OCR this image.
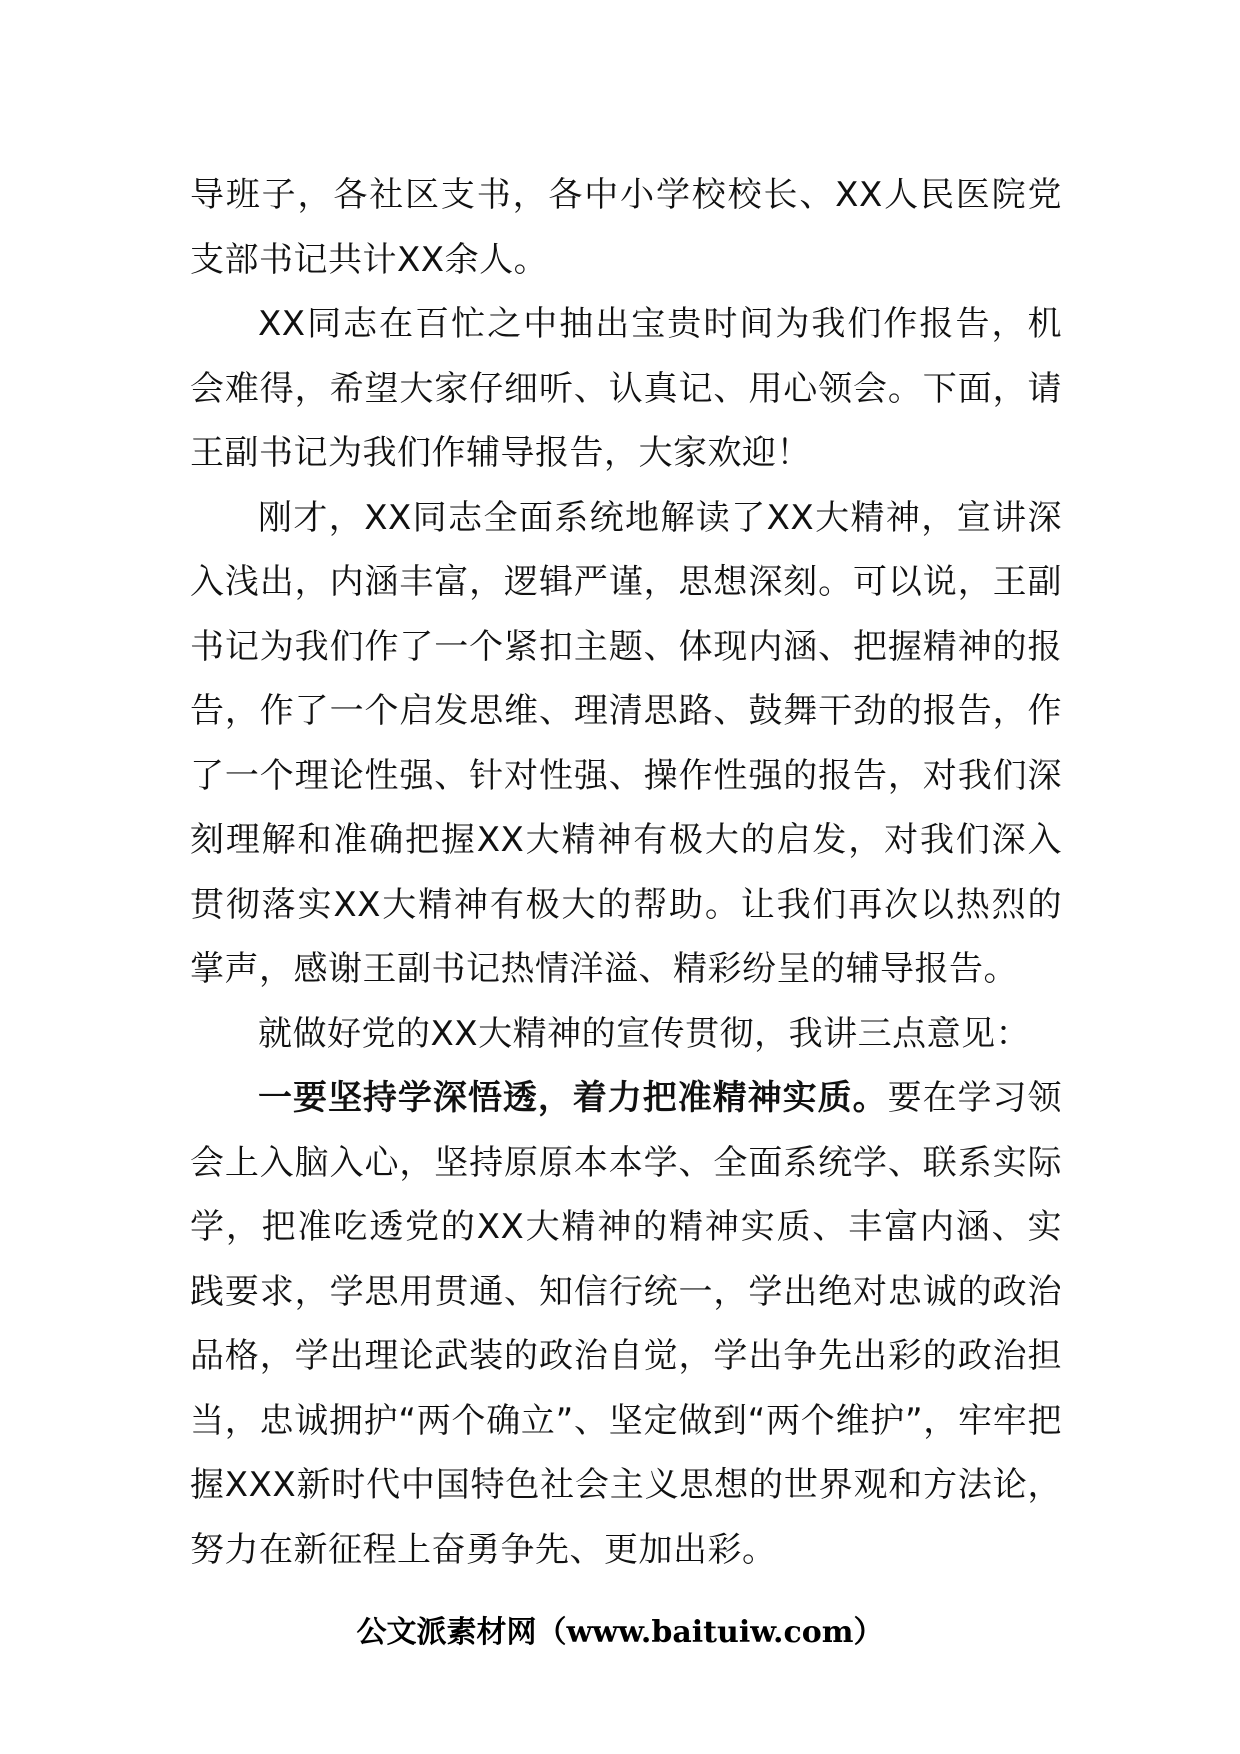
导班子，各社区支书，各中小学校校长、XX人民医院党支部书记共计XX余人。

XX同志在百忙之中抽出宝贵时间为我们作报告，机会难得，希望大家仔细听、认真记、用心领会。下面，请王副书记为我们作辅导报告，大家欢迎！

刚才，XX同志全面系统地解读了XX大精神，宣讲深入浅出，内涵丰富，逻辑严谨，思想深刻。可以说，王副书记为我们作了一个紧扣主题、体现内涵、把握精神的报告，作了一个启发思维、理清思路、鼓舞干劲的报告，作了一个理论性强、针对性强、操作性强的报告，对我们深刻理解和准确把握XX大精神有极大的启发，对我们深入贯彻落实XX大精神有极大的帮助。让我们再次以热烈的掌声，感谢王副书记热情洋溢、精彩纷呈的辅导报告。

就做好党的XX大精神的宣传贯彻，我讲三点意见：

一要坚持学深悟透，着力把准精神实质。要在学习领会上入脑入心，坚持原原本本学、全面系统学、联系实际学，把准吃透党的XX大精神的精神实质、丰富内涵、实践要求，学思用贯通、知信行统一，学出绝对忠诚的政治品格，学出理论武装的政治自觉，学出争先出彩的政治担当，忠诚拥护“两个确立”、坚定做到“两个维护”，牢牢把握XXX新时代中国特色社会主义思想的世界观和方法论，努力在新征程上奋勇争先、更加出彩。

公文派素材网（www.baituiw.com）
